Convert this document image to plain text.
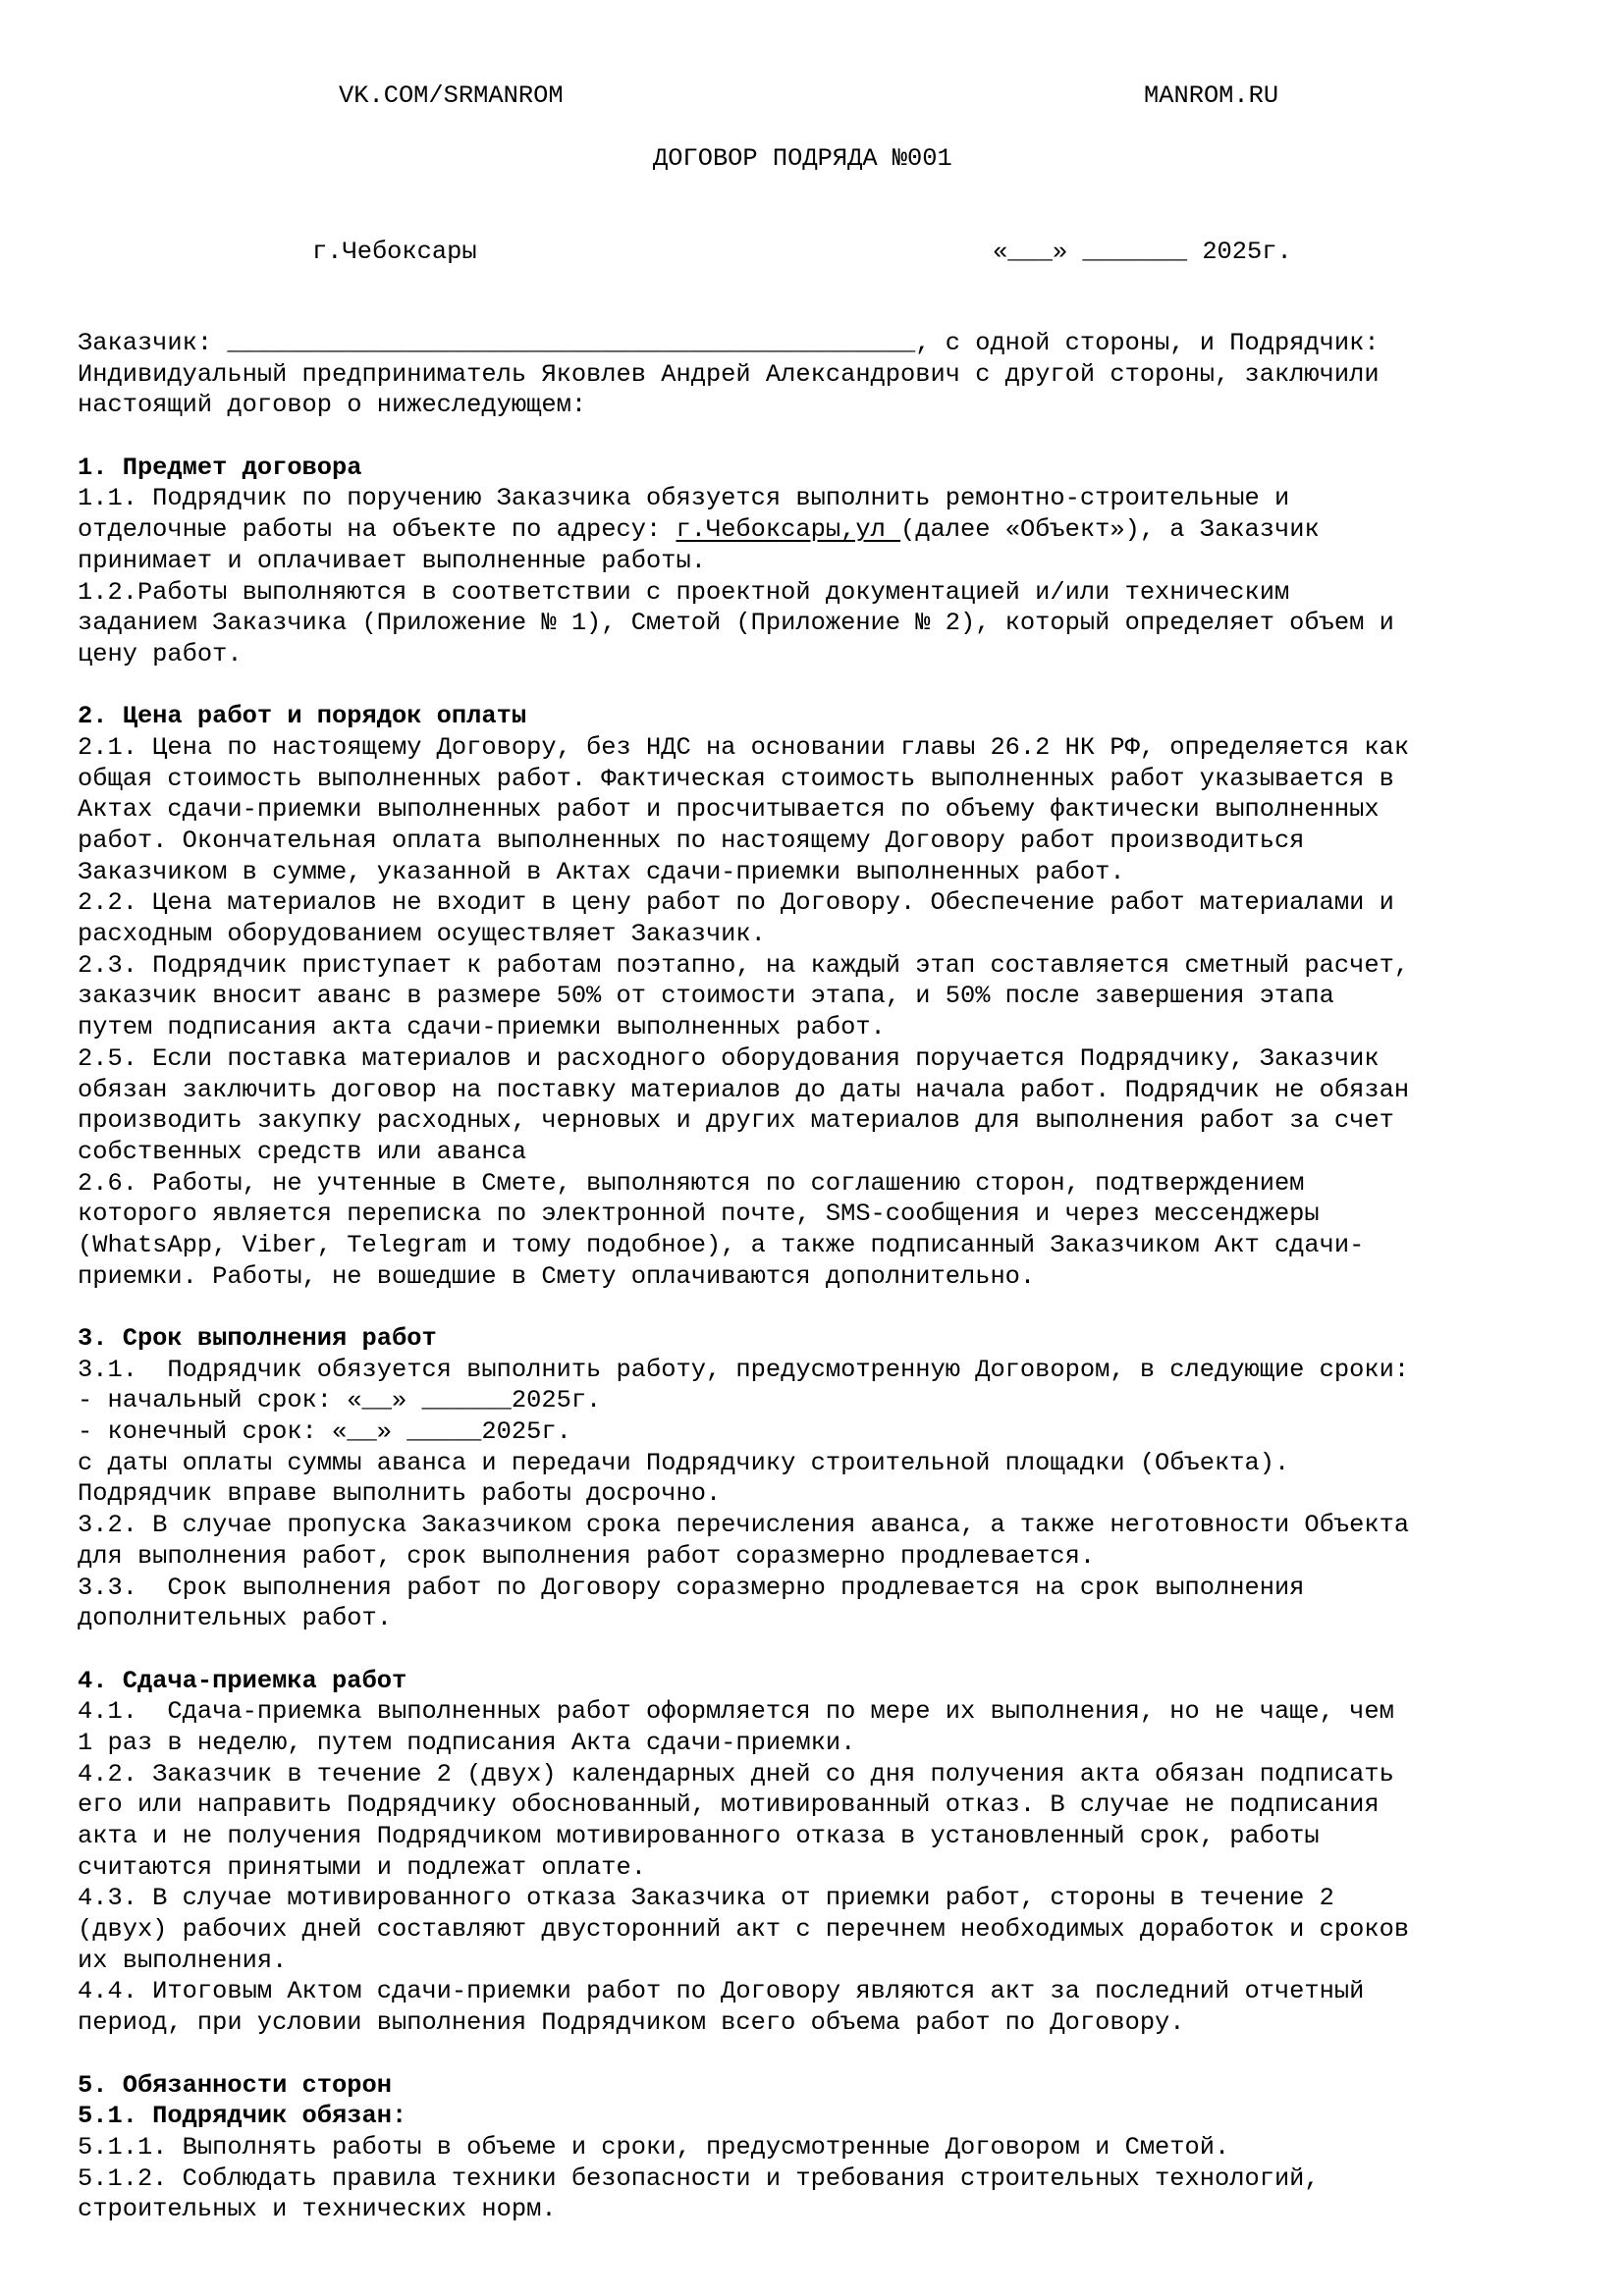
VK.COM/SRMANROM	MANROM.RU
ДОГОВОР ПОДРЯДА №001
г.Чебоксары	«___» _______ 2025г.
Заказчик: ______________________________________________, с одной стороны, и Подрядчик:
Индивидуальный предприниматель Яковлев Андрей Александрович с другой стороны, заключили
настоящий договор о нижеследующем:
1. Предмет договора
1.1. Подрядчик по поручению Заказчика обязуется выполнить ремонтно-строительные и
отделочные работы на объекте по адресу: г.Чебоксары,ул (далее «Объект»), а Заказчик
принимает и оплачивает выполненные работы.
1.2.Работы выполняются в соответствии с проектной документацией и/или техническим
заданием Заказчика (Приложение № 1), Сметой (Приложение № 2), который определяет объем и
цену работ.
2. Цена работ и порядок оплаты
2.1. Цена по настоящему Договору, без НДС на основании главы 26.2 НК РФ, определяется как
общая стоимость выполненных работ. Фактическая стоимость выполненных работ указывается в
Актах сдачи-приемки выполненных работ и просчитывается по объему фактически выполненных
работ. Окончательная оплата выполненных по настоящему Договору работ производиться
Заказчиком в сумме, указанной в Актах сдачи-приемки выполненных работ.
2.2. Цена материалов не входит в цену работ по Договору. Обеспечение работ материалами и
расходным оборудованием осуществляет Заказчик.
2.3. Подрядчик приступает к работам поэтапно, на каждый этап составляется сметный расчет,
заказчик вносит аванс в размере 50% от стоимости этапа, и 50% после завершения этапа
путем подписания акта сдачи-приемки выполненных работ.
2.5. Если поставка материалов и расходного оборудования поручается Подрядчику, Заказчик
обязан заключить договор на поставку материалов до даты начала работ. Подрядчик не обязан
производить закупку расходных, черновых и других материалов для выполнения работ за счет
собственных средств или аванса
2.6. Работы, не учтенные в Смете, выполняются по соглашению сторон, подтверждением
которого является переписка по электронной почте, SMS-сообщения и через мессенджеры
(WhatsApp, Viber, Telegram и тому подобное), а также подписанный Заказчиком Акт сдачи-
приемки. Работы, не вошедшие в Смету оплачиваются дополнительно.
3. Срок выполнения работ
3.1.  Подрядчик обязуется выполнить работу, предусмотренную Договором, в следующие сроки:
- начальный срок: «__» ______2025г.
- конечный срок: «__» _____2025г.
с даты оплаты суммы аванса и передачи Подрядчику строительной площадки (Объекта).
Подрядчик вправе выполнить работы досрочно.
3.2. В случае пропуска Заказчиком срока перечисления аванса, а также неготовности Объекта
для выполнения работ, срок выполнения работ соразмерно продлевается.
3.3.  Срок выполнения работ по Договору соразмерно продлевается на срок выполнения
дополнительных работ.
4. Сдача-приемка работ
4.1.  Сдача-приемка выполненных работ оформляется по мере их выполнения, но не чаще, чем
1 раз в неделю, путем подписания Акта сдачи-приемки.
4.2. Заказчик в течение 2 (двух) календарных дней со дня получения акта обязан подписать
его или направить Подрядчику обоснованный, мотивированный отказ. В случае не подписания
акта и не получения Подрядчиком мотивированного отказа в установленный срок, работы
считаются принятыми и подлежат оплате.
4.3. В случае мотивированного отказа Заказчика от приемки работ, стороны в течение 2
(двух) рабочих дней составляют двусторонний акт с перечнем необходимых доработок и сроков
их выполнения.
4.4. Итоговым Актом сдачи-приемки работ по Договору являются акт за последний отчетный
период, при условии выполнения Подрядчиком всего объема работ по Договору.
5. Обязанности сторон
5.1. Подрядчик обязан:
5.1.1. Выполнять работы в объеме и сроки, предусмотренные Договором и Сметой.
5.1.2. Соблюдать правила техники безопасности и требования строительных технологий,
строительных и технических норм.
